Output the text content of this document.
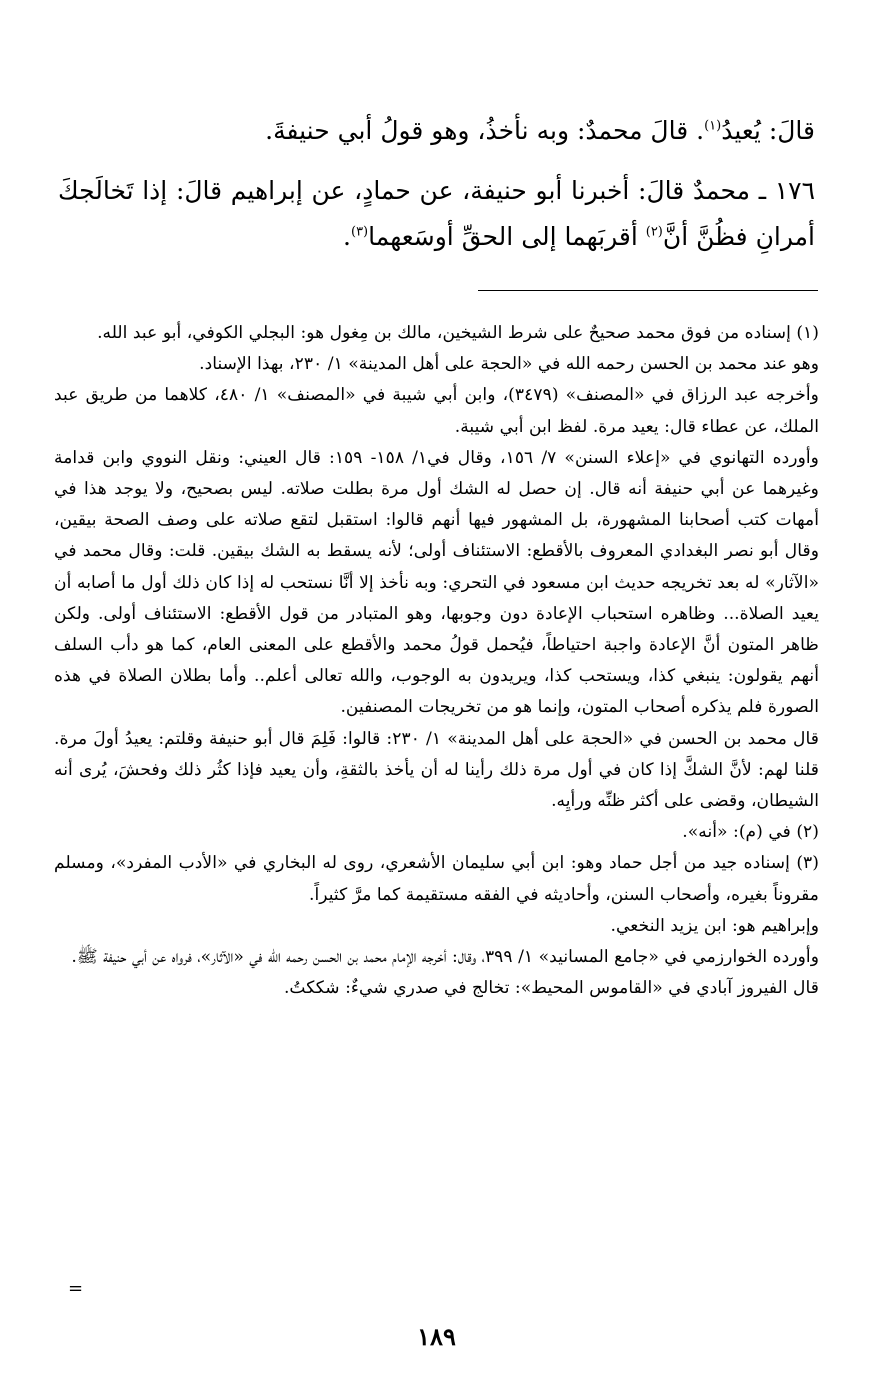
قالَ: يُعيدُ$^{(١)}$. قالَ محمدٌ: وبه نأخذُ، وهو قولُ أبي حنيفةَ.

١٧٦ ـ محمدٌ قالَ: أخبرنا أبو حنيفة، عن حمادٍ، عن إبراهيم قالَ: إذا تَخالَجكَ أمرانِ فظُنَّ أنَّ$^{(٢)}$ أقربَهما إلى الحقِّ أوسَعهما$^{(٣)}$.

(١) إسناده من فوق محمد صحيحٌ على شرط الشيخين، مالك بن مِغول هو: البجلي الكوفي، أبو عبد الله.

وهو عند محمد بن الحسن رحمه الله في «الحجة على أهل المدينة» ١/ ٢٣٠، بهذا الإسناد.

وأخرجه عبد الرزاق في «المصنف» (٣٤٧٩)، وابن أبي شيبة في «المصنف» ١/ ٤٨٠، كلاهما من طريق عبد الملك، عن عطاء قال: يعيد مرة. لفظ ابن أبي شيبة.

وأورده التهانوي في «إعلاء السنن» ٧/ ١٥٦، وقال في١/ ١٥٨- ١٥٩: قال العيني: ونقل النووي وابن قدامة وغيرهما عن أبي حنيفة أنه قال. إن حصل له الشك أول مرة بطلت صلاته. ليس بصحيح، ولا يوجد هذا في أمهات كتب أصحابنا المشهورة، بل المشهور فيها أنهم قالوا: استقبل لتقع صلاته على وصف الصحة بيقين، وقال أبو نصر البغدادي المعروف بالأقطع: الاستئناف أولى؛ لأنه يسقط به الشك بيقين. قلت: وقال محمد في «الآثار» له بعد تخريجه حديث ابن مسعود في التحري: وبه نأخذ إلا أنَّا نستحب له إذا كان ذلك أول ما أصابه أن يعيد الصلاة... وظاهره استحباب الإعادة دون وجوبها، وهو المتبادر من قول الأقطع: الاستئناف أولى. ولكن ظاهر المتون أنَّ الإعادة واجبة احتياطاً، فيُحمل قولُ محمد والأقطع على المعنى العام، كما هو دأب السلف أنهم يقولون: ينبغي كذا، ويستحب كذا، ويريدون به الوجوب، والله تعالى أعلم.. وأما بطلان الصلاة في هذه الصورة فلم يذكره أصحاب المتون، وإنما هو من تخريجات المصنفين.

قال محمد بن الحسن في «الحجة على أهل المدينة» ١/ ٢٣٠: قالوا: فَلِمَ قال أبو حنيفة وقلتم: يعيدُ أولَ مرة. قلنا لهم: لأنَّ الشكَّ إذا كان في أول مرة ذلك رأينا له أن يأخذ بالثقةِ، وأن يعيد فإذا كثُر ذلك وفحشَ، يُرى أنه الشيطان، وقضى على أكثر ظنِّه ورأيِه.

(٢) في (م): «أنه».

(٣) إسناده جيد من أجل حماد وهو: ابن أبي سليمان الأشعري، روى له البخاري في «الأدب المفرد»، ومسلم مقروناً بغيره، وأصحاب السنن، وأحاديثه في الفقه مستقيمة كما مرَّ كثيراً.

وإبراهيم هو: ابن يزيد النخعي.

وأورده الخوارزمي في «جامع المسانيد» ١/ ٣٩٩، وقال: أخرجه الإمام محمد بن الحسن رحمه الله في «الآثار»، فرواه عن أبي حنيفة ﷺ.

قال الفيروز آبادي في «القاموس المحيط»: تخالج في صدري شيءٌ: شككتُ.

=
١٨٩
